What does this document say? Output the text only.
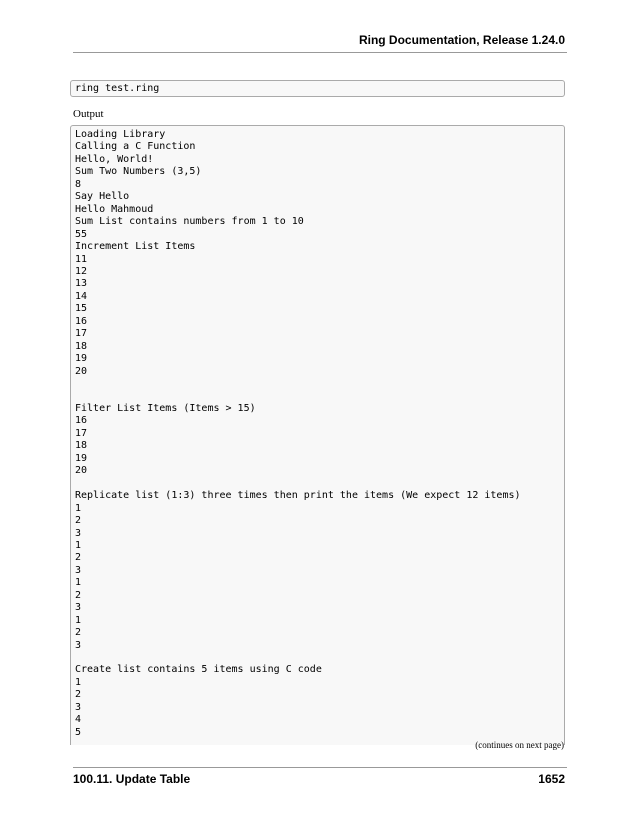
Ring Documentation, Release 1.24.0
ring test.ring
Output
Loading Library
Calling a C Function
Hello, World!
Sum Two Numbers (3,5)
8
Say Hello
Hello Mahmoud
Sum List contains numbers from 1 to 10
55
Increment List Items
11
12
13
14
15
16
17
18
19
20

Filter List Items (Items > 15)
16
17
18
19
20

Replicate list (1:3) three times then print the items (We expect 12 items)
1
2
3
1
2
3
1
2
3
1
2
3

Create list contains 5 items using C code
1
2
3
4
5

(continues on next page)
100.11. Update Table	1652
